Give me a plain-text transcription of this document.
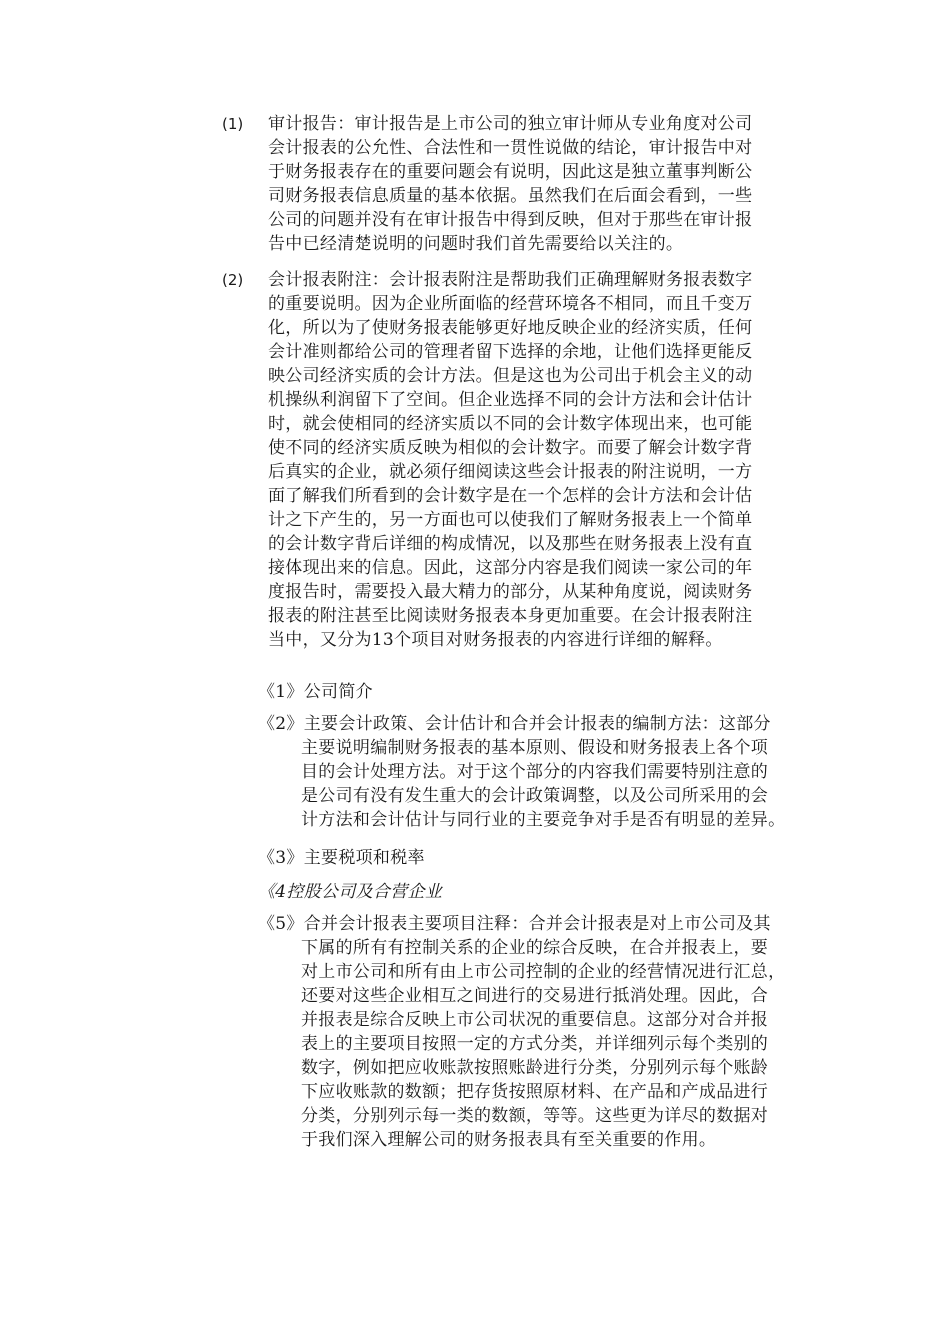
(1) 审计报告：审计报告是上市公司的独立审计师从专业角度对公司
会计报表的公允性、合法性和一贯性说做的结论，审计报告中对
于财务报表存在的重要问题会有说明，因此这是独立董事判断公
司财务报表信息质量的基本依据。虽然我们在后面会看到，一些
公司的问题并没有在审计报告中得到反映，但对于那些在审计报
告中已经清楚说明的问题时我们首先需要给以关注的。
(2) 会计报表附注：会计报表附注是帮助我们正确理解财务报表数字
的重要说明。因为企业所面临的经营环境各不相同，而且千变万
化，所以为了使财务报表能够更好地反映企业的经济实质，任何
会计准则都给公司的管理者留下选择的余地，让他们选择更能反
映公司经济实质的会计方法。但是这也为公司出于机会主义的动
机操纵利润留下了空间。但企业选择不同的会计方法和会计估计
时，就会使相同的经济实质以不同的会计数字体现出来，也可能
使不同的经济实质反映为相似的会计数字。而要了解会计数字背
后真实的企业，就必须仔细阅读这些会计报表的附注说明，一方
面了解我们所看到的会计数字是在一个怎样的会计方法和会计估
计之下产生的，另一方面也可以使我们了解财务报表上一个简单
的会计数字背后详细的构成情况，以及那些在财务报表上没有直
接体现出来的信息。因此，这部分内容是我们阅读一家公司的年
度报告时，需要投入最大精力的部分，从某种角度说，阅读财务
报表的附注甚至比阅读财务报表本身更加重要。在会计报表附注
当中，又分为13个项目对财务报表的内容进行详细的解释。
《1》公司简介
《2》主要会计政策、会计估计和合并会计报表的编制方法：这部分
主要说明编制财务报表的基本原则、假设和财务报表上各个项
目的会计处理方法。对于这个部分的内容我们需要特别注意的
是公司有没有发生重大的会计政策调整，以及公司所采用的会
计方法和会计估计与同行业的主要竞争对手是否有明显的差异。
《3》主要税项和税率
《4控股公司及合营企业
《5》合并会计报表主要项目注释：合并会计报表是对上市公司及其
下属的所有有控制关系的企业的综合反映，在合并报表上，要
对上市公司和所有由上市公司控制的企业的经营情况进行汇总，
还要对这些企业相互之间进行的交易进行抵消处理。因此，合
并报表是综合反映上市公司状况的重要信息。这部分对合并报
表上的主要项目按照一定的方式分类，并详细列示每个类别的
数字，例如把应收账款按照账龄进行分类，分别列示每个账龄
下应收账款的数额；把存货按照原材料、在产品和产成品进行
分类，分别列示每一类的数额，等等。这些更为详尽的数据对
于我们深入理解公司的财务报表具有至关重要的作用。
